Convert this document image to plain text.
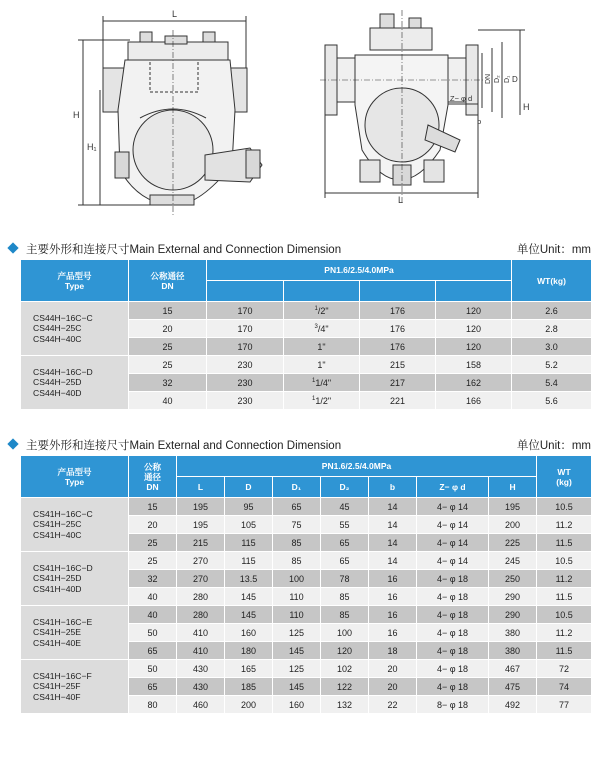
L
H
H₁
DN D₂ D₁ D
H
Z− φ d
b
L
主要外形和连接尺寸Main External and Connection Dimension	单位Unit：mm
产品型号
Type	公称通径
DN	PN1.6/2.5/4.0MPa				WT(kg)

CS44H−16C−C
CS44H−25C
CS44H−40C	15	170	$^1$/2"	176	120	2.6
	20	170	$^3$/4"	176	120	2.8
	25	170	1"	176	120	3.0
CS44H−16C−D
CS44H−25D
CS44H−40D	25	230	1"	215	158	5.2
	32	230	$^1$1/4"	217	162	5.4
	40	230	$^1$1/2"	221	166	5.6
主要外形和连接尺寸Main External and Connection Dimension	单位Unit：mm
产品型号
Type	公称
通径
DN	PN1.6/2.5/4.0MPa							WT
(kg)
		L	D	D₁	D₂	b	Z− φ d	H	
CS41H−16C−C
CS41H−25C
CS41H−40C	15	195	95	65	45	14	4− φ 14	195	10.5
	20	195	105	75	55	14	4− φ 14	200	11.2
	25	215	115	85	65	14	4− φ 14	225	11.5
CS41H−16C−D
CS41H−25D
CS41H−40D	25	270	115	85	65	14	4− φ 14	245	10.5
	32	270	13.5	100	78	16	4− φ 18	250	11.2
	40	280	145	110	85	16	4− φ 18	290	11.5
CS41H−16C−E
CS41H−25E
CS41H−40E	40	280	145	110	85	16	4− φ 18	290	10.5
	50	410	160	125	100	16	4− φ 18	380	11.2
	65	410	180	145	120	18	4− φ 18	380	11.5
CS41H−16C−F
CS41H−25F
CS41H−40F	50	430	165	125	102	20	4− φ 18	467	72
	65	430	185	145	122	20	4− φ 18	475	74
	80	460	200	160	132	22	8− φ 18	492	77
